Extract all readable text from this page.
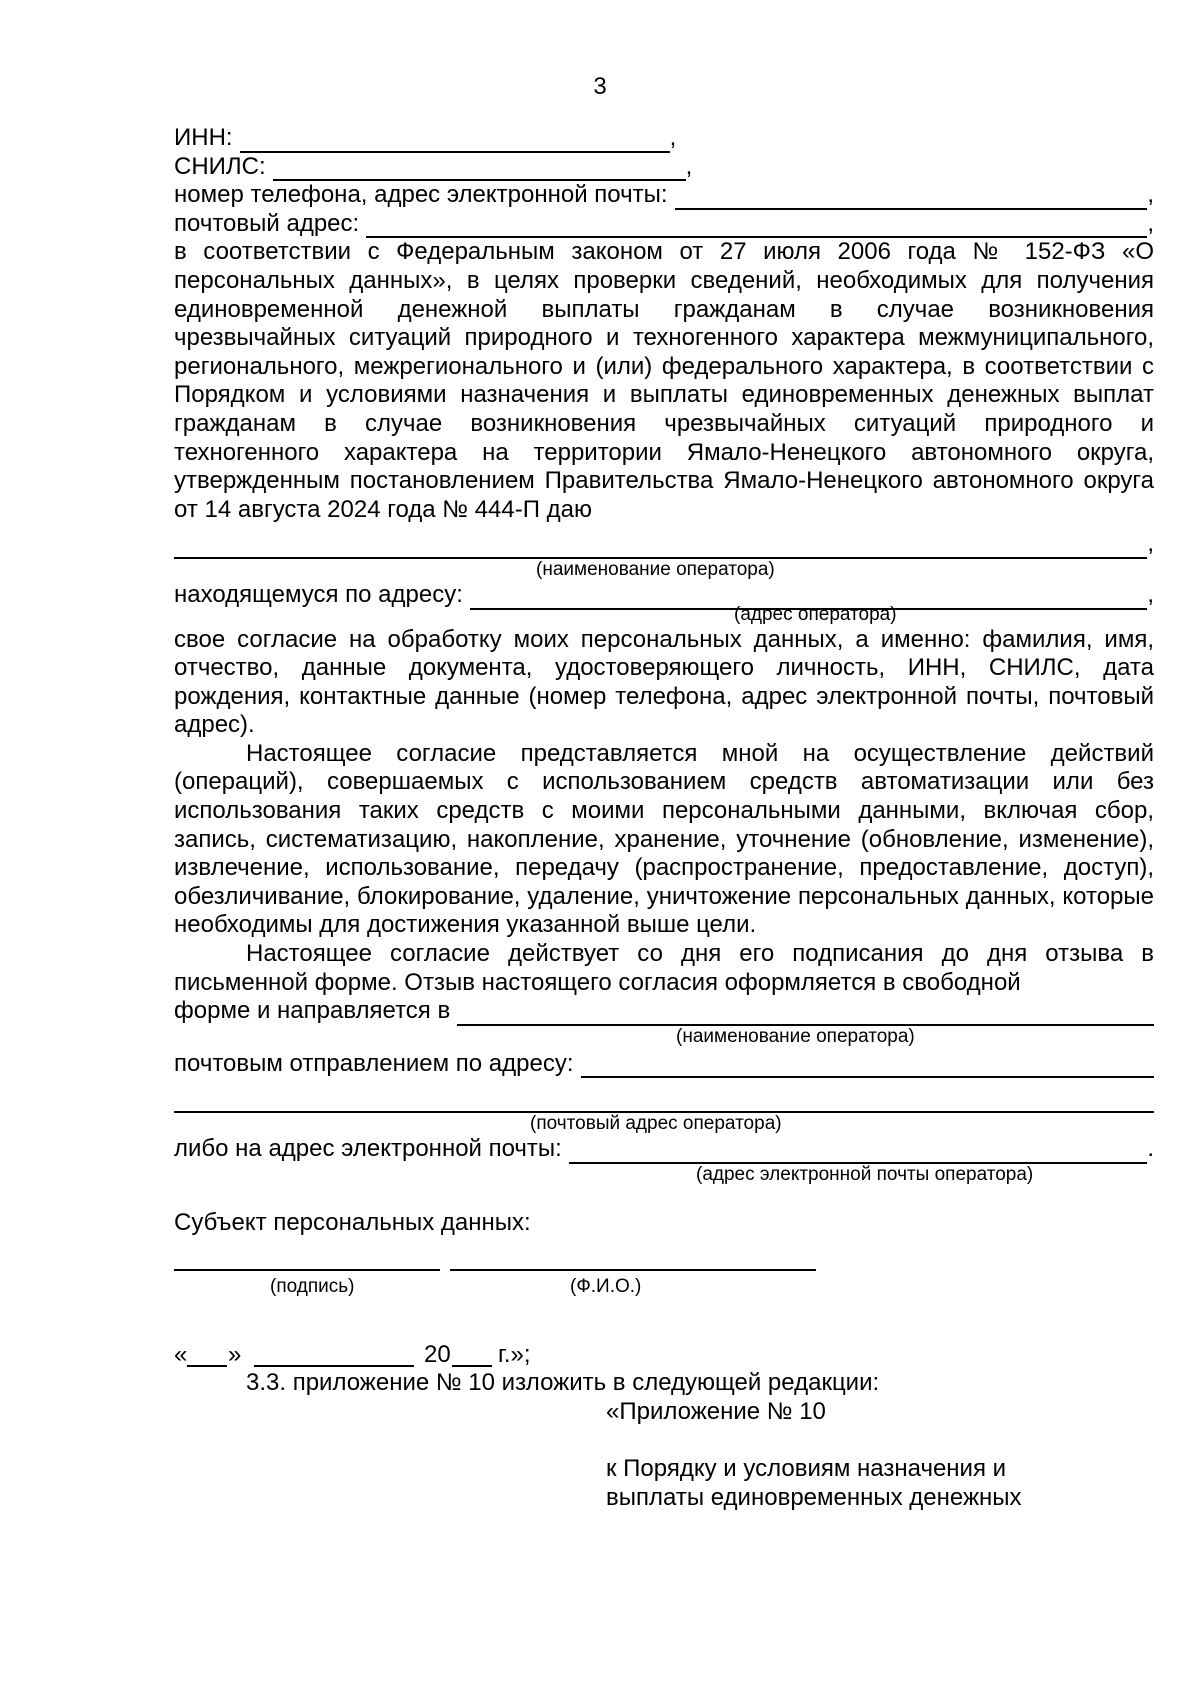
3
ИНН:	,
СНИЛС:	,
номер телефона, адрес электронной почты:	,
почтовый адрес:	,

в соответствии с Федеральным законом от 27 июля 2006 года № 152-ФЗ «О персональных данных», в целях проверки сведений, необходимых для получения единовременной денежной выплаты гражданам в случае возникновения чрезвычайных ситуаций природного и техногенного характера межмуниципального, регионального, межрегионального и (или) федерального характера, в соответствии с Порядком и условиями назначения и выплаты единовременных денежных выплат гражданам в случае возникновения чрезвычайных ситуаций природного и техногенного характера на территории Ямало-Ненецкого автономного округа, утвержденным постановлением Правительства Ямало-Ненецкого автономного округа от 14 августа 2024 года № 444-П даю

,
(наименование оператора)
находящемуся по адресу:	,
(адрес оператора)

свое согласие на обработку моих персональных данных, а именно: фамилия, имя, отчество, данные документа, удостоверяющего личность, ИНН, СНИЛС, дата рождения, контактные данные (номер телефона, адрес электронной почты, почтовый адрес).

Настоящее согласие представляется мной на осуществление действий (операций), совершаемых с использованием средств автоматизации или без использования таких средств с моими персональными данными, включая сбор, запись, систематизацию, накопление, хранение, уточнение (обновление, изменение), извлечение, использование, передачу (распространение, предоставление, доступ), обезличивание, блокирование, удаление, уничтожение персональных данных, которые необходимы для достижения указанной выше цели.

Настоящее согласие действует со дня его подписания до дня отзыва в письменной форме. Отзыв настоящего согласия оформляется в свободной

форме и направляется в
(наименование оператора)
почтовым отправлением по адресу:
(почтовый адрес оператора)
либо на адрес электронной почты:	.
(адрес электронной почты оператора)
Субъект персональных данных:
(подпись)	(Ф.И.О.)
« »	20 г.»;
3.3. приложение № 10 изложить в следующей редакции:
«Приложение № 10
к Порядку и условиям назначения и
выплаты единовременных денежных
